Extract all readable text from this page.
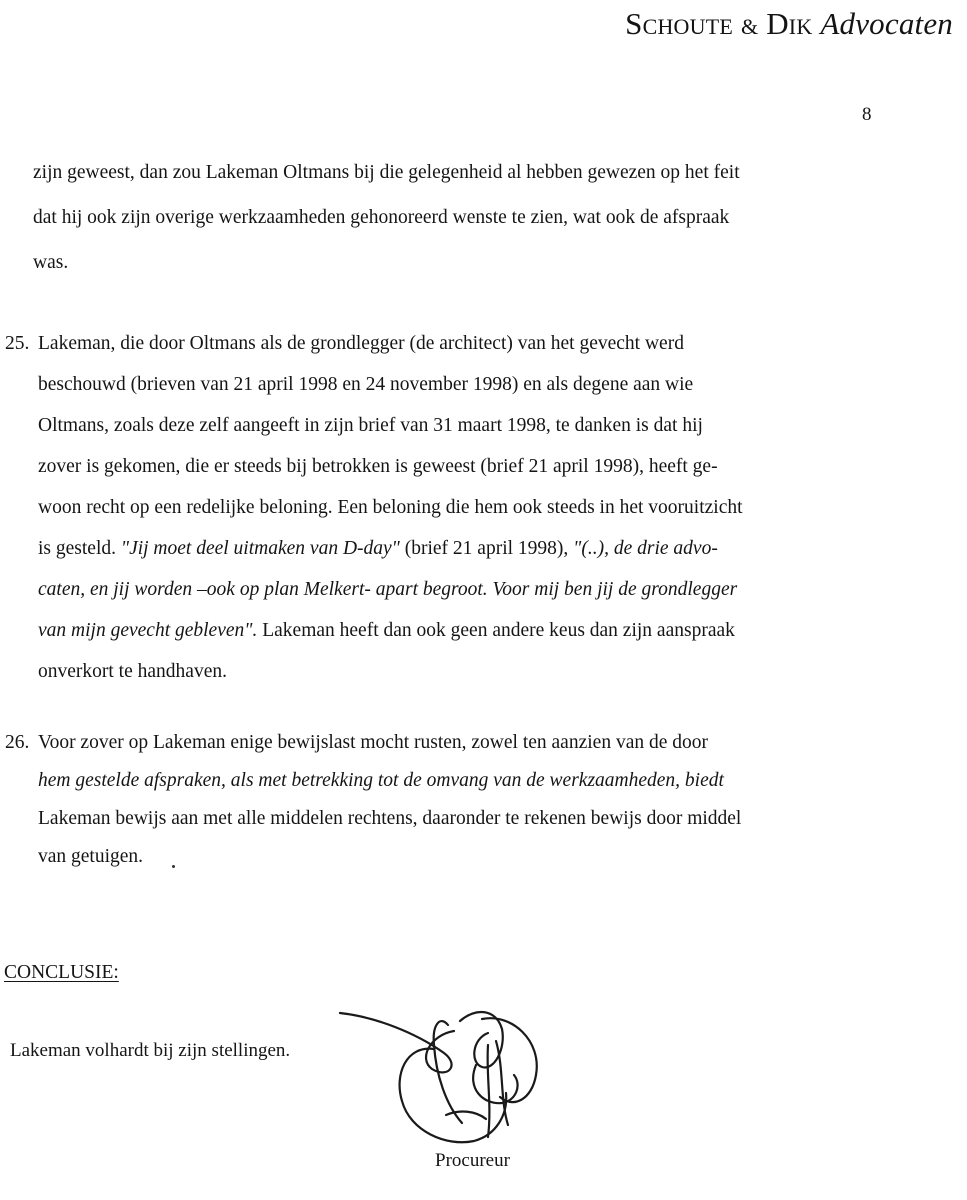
Schoute & Dik Advocaten
8
zijn geweest, dan zou Lakeman Oltmans bij die gelegenheid al hebben gewezen op het feit
dat hij ook zijn overige werkzaamheden gehonoreerd wenste te zien, wat ook de afspraak
was.
25. Lakeman, die door Oltmans als de grondlegger (de architect) van het gevecht werd
beschouwd (brieven van 21 april 1998 en 24 november 1998) en als degene aan wie
Oltmans, zoals deze zelf aangeeft in zijn brief van 31 maart 1998, te danken is dat hij
zover is gekomen, die er steeds bij betrokken is geweest (brief 21 april 1998), heeft ge-
woon recht op een redelijke beloning. Een beloning die hem ook steeds in het vooruitzicht
is gesteld. "Jij moet deel uitmaken van D-day" (brief 21 april 1998), "(..), de drie advo-
caten, en jij worden –ook op plan Melkert- apart begroot. Voor mij ben jij de grondlegger
van mijn gevecht gebleven". Lakeman heeft dan ook geen andere keus dan zijn aanspraak
onverkort te handhaven.
26. Voor zover op Lakeman enige bewijslast mocht rusten, zowel ten aanzien van de door
hem gestelde afspraken, als met betrekking tot de omvang van de werkzaamheden, biedt
Lakeman bewijs aan met alle middelen rechtens, daaronder te rekenen bewijs door middel
van getuigen.
CONCLUSIE:
Lakeman volhardt bij zijn stellingen.
Procureur
